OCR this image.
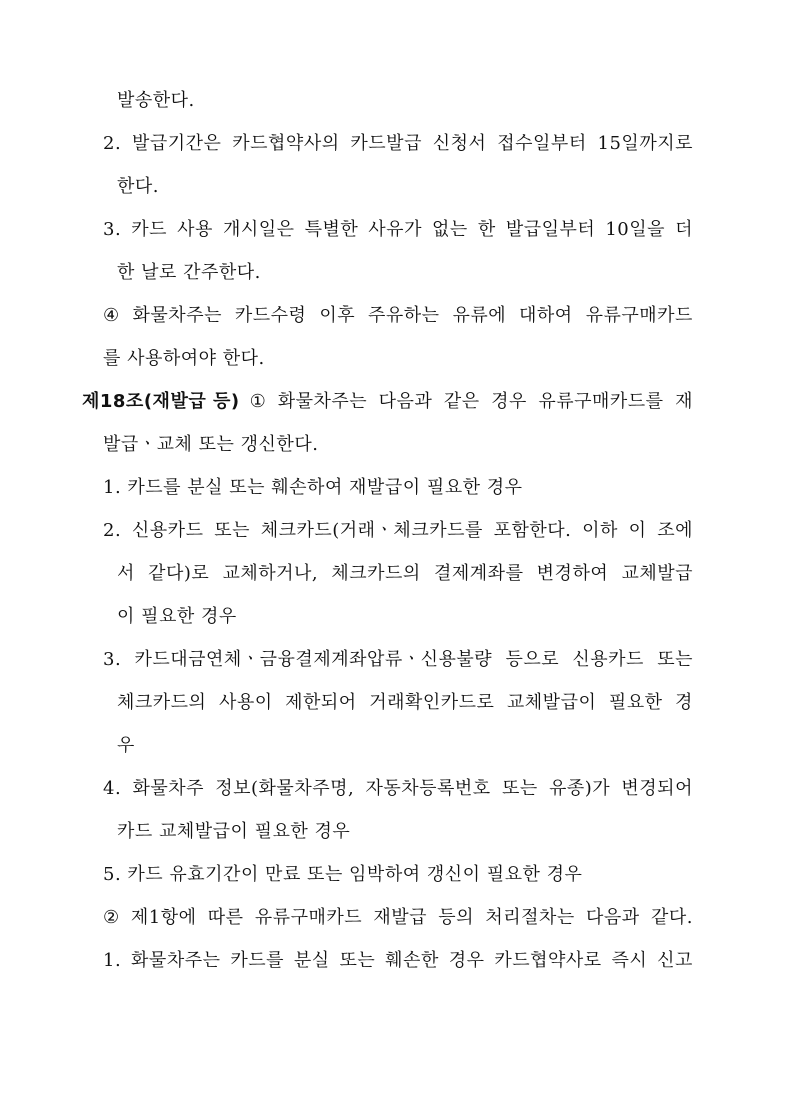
발송한다.
2. 발급기간은 카드협약사의 카드발급 신청서 접수일부터 15일까지로
한다.
3. 카드 사용 개시일은 특별한 사유가 없는 한 발급일부터 10일을 더
한 날로 간주한다.
④ 화물차주는 카드수령 이후 주유하는 유류에 대하여 유류구매카드
를 사용하여야 한다.
제18조(재발급 등) ① 화물차주는 다음과 같은 경우 유류구매카드를 재
발급ㆍ교체 또는 갱신한다.
1. 카드를 분실 또는 훼손하여 재발급이 필요한 경우
2. 신용카드 또는 체크카드(거래ㆍ체크카드를 포함한다. 이하 이 조에
서 같다)로 교체하거나, 체크카드의 결제계좌를 변경하여 교체발급
이 필요한 경우
3. 카드대금연체ㆍ금융결제계좌압류ㆍ신용불량 등으로 신용카드 또는
체크카드의 사용이 제한되어 거래확인카드로 교체발급이 필요한 경
우
4. 화물차주 정보(화물차주명, 자동차등록번호 또는 유종)가 변경되어
카드 교체발급이 필요한 경우
5. 카드 유효기간이 만료 또는 임박하여 갱신이 필요한 경우
② 제1항에 따른 유류구매카드 재발급 등의 처리절차는 다음과 같다.
1. 화물차주는 카드를 분실 또는 훼손한 경우 카드협약사로 즉시 신고
